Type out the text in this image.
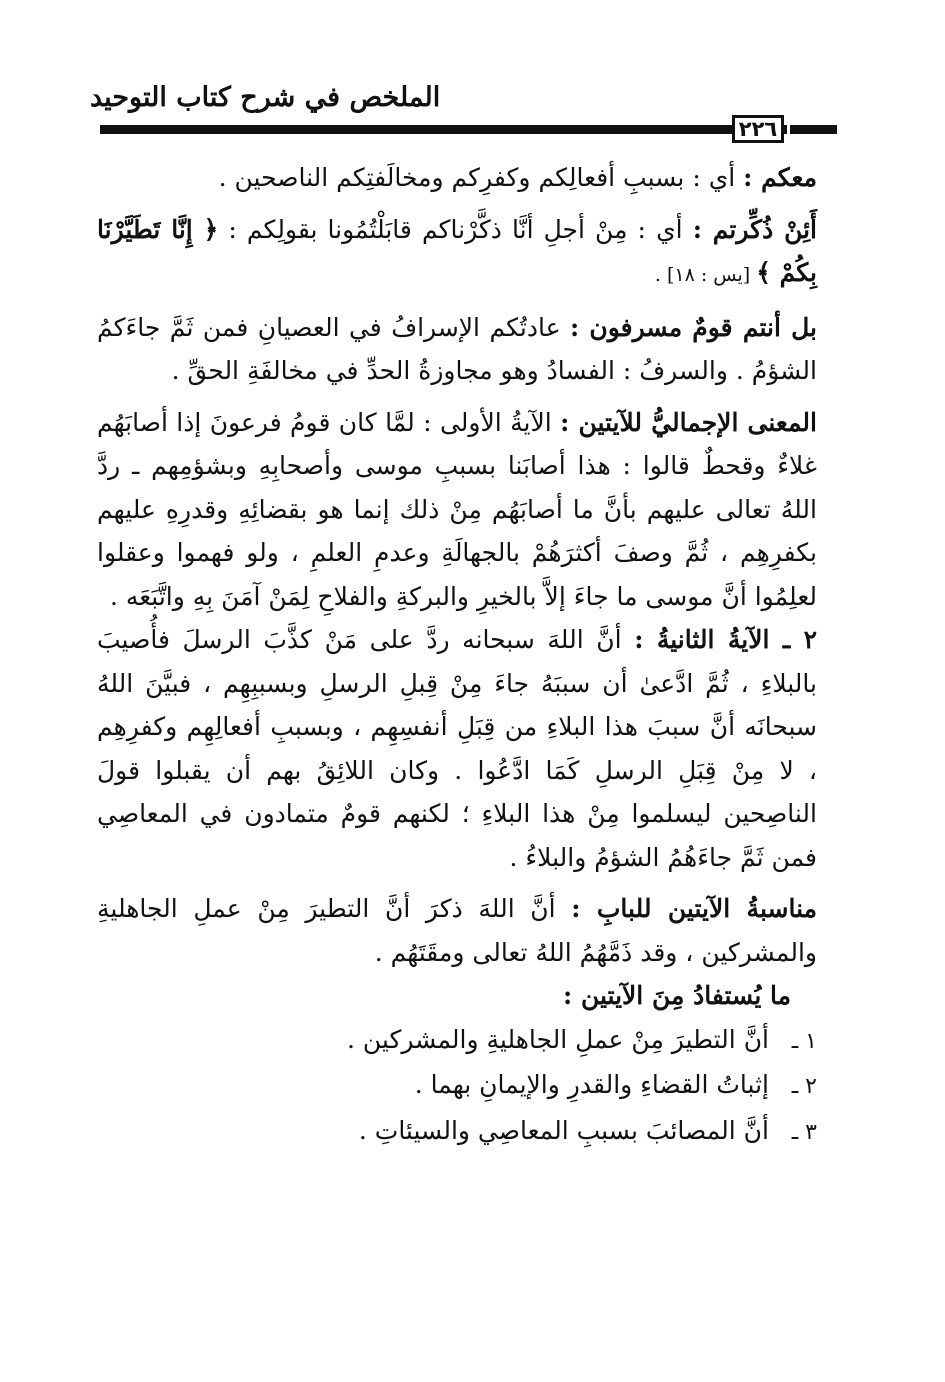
الملخص في شرح كتاب التوحيد
٢٢٦

معكم : أي : بسببِ أفعالِكم وكفرِكم ومخالَفتِكم الناصحين .

أَئِنْ ذُكِّرتم : أي : مِنْ أجلِ أنَّا ذكَّرْناكم قابَلْتُمُونا بقولِكم : ﴿ إِنَّا تَطَيَّرْنَا بِكُمْ ﴾ [يس : ١٨] .

بل أنتم قومٌ مسرفون : عادتُكم الإسرافُ في العصيانِ فمن ثَمَّ جاءَكمُ الشؤمُ . والسرفُ : الفسادُ وهو مجاوزةُ الحدِّ في مخالفَةِ الحقِّ .

المعنى الإجماليُّ للآيتين : الآيةُ الأولى : لمَّا كان قومُ فرعونَ إذا أصابَهُم غلاءٌ وقحطٌ قالوا : هذا أصابَنا بسببِ موسى وأصحابِهِ وبشؤمِهم ـ ردَّ اللهُ تعالى عليهم بأنَّ ما أصابَهُم مِنْ ذلك إنما هو بقضائِهِ وقدرِهِ عليهم بكفرِهِم ، ثُمَّ وصفَ أكثرَهُمْ بالجهالَةِ وعدمِ العلمِ ، ولو فهموا وعقلوا لعلِمُوا أنَّ موسى ما جاءَ إلاَّ بالخيرِ والبركةِ والفلاحِ لِمَنْ آمَنَ بِهِ واتَّبَعَه .

٢ ـ الآيةُ الثانيةُ : أنَّ اللهَ سبحانه ردَّ على مَنْ كذَّبَ الرسلَ فأُصيبَ بالبلاءِ ، ثُمَّ ادَّعىٰ أن سببَهُ جاءَ مِنْ قِبلِ الرسلِ وبسببِهِم ، فبيَّنَ اللهُ سبحانَه أنَّ سببَ هذا البلاءِ من قِبَلِ أنفسِهِم ، وبسببِ أفعالِهِم وكفرِهِم ، لا مِنْ قِبَلِ الرسلِ كَمَا ادَّعُوا . وكان اللائِقُ بهم أن يقبلوا قولَ الناصِحين ليسلموا مِنْ هذا البلاءِ ؛ لكنهم قومٌ متمادون في المعاصِي فمن ثَمَّ جاءَهُمُ الشؤمُ والبلاءُ .

مناسبةُ الآيتين للبابِ : أنَّ اللهَ ذكرَ أنَّ التطيرَ مِنْ عملِ الجاهليةِ والمشركين ، وقد ذَمَّهُمُ اللهُ تعالى ومقَتَهُم .

ما يُستفادُ مِنَ الآيتين :

١ ـأنَّ التطيرَ مِنْ عملِ الجاهليةِ والمشركين .

٢ ـإثباتُ القضاءِ والقدرِ والإيمانِ بهما .

٣ ـأنَّ المصائبَ بسببِ المعاصِي والسيئاتِ .
